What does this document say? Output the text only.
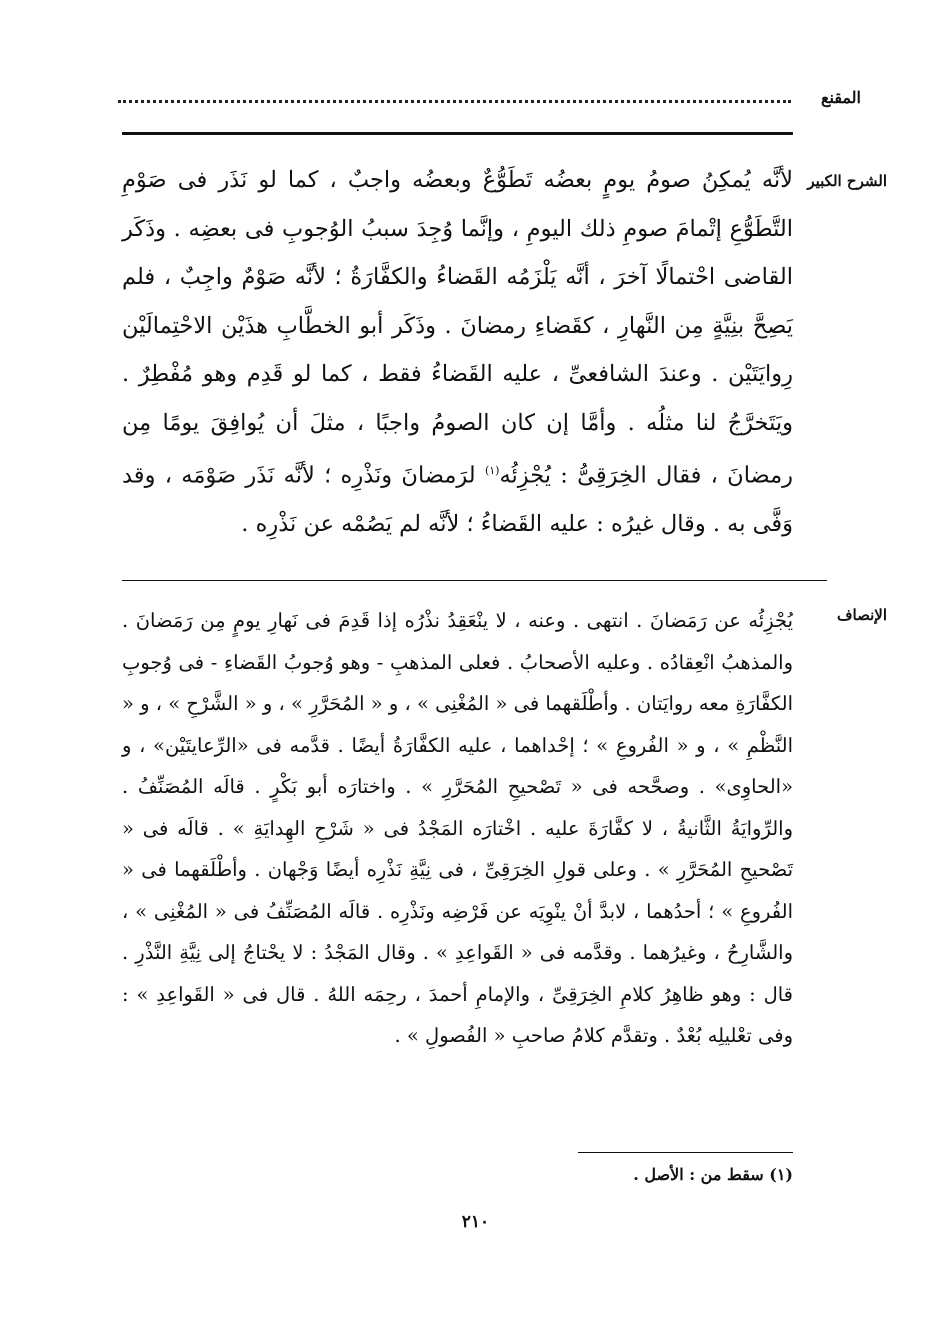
المقنع
الشرح الكبير

لأنَّه يُمكِنُ صومُ يومٍ بعضُه تَطَوُّعٌ وبعضُه واجبٌ ، كما لو نَذَر فى صَوْمِ التَّطَوُّعِ إتْمامَ صومِ ذلك اليومِ ، وإنَّما وُجِدَ سببُ الوُجوبِ فى بعضِه . وذَكَر القاضى احْتمالًا آخرَ ، أنَّه يَلْزَمُه القَضاءُ والكفَّارَةُ ؛ لأنَّه صَوْمٌ واجِبٌ ، فلم يَصِحَّ بنِيَّةٍ مِن النَّهارِ ، كقَضاءِ رمضانَ . وذَكَر أبو الخطَّابِ هذَيْن الاحْتِمالَيْن رِوايَتَيْن . وعندَ الشافعىِّ ، عليه القَضاءُ فقط ، كما لو قَدِم وهو مُفْطِرٌ . ويَتَخرَّجُ لنا مثلُه . وأمَّا إن كان الصومُ واجبًا ، مثلَ أن يُوافِقَ يومًا مِن رمضانَ ، فقال الخِرَقِىُّ : يُجْزِئُه$^{(١)}$ لرَمضانَ ونَذْرِه ؛ لأنَّه نَذَر صَوْمَه ، وقد وَفَّى به . وقال غيرُه : عليه القَضاءُ ؛ لأنَّه لم يَصُمْه عن نَذْرِه .

الإنصاف

يُجْزِئُه عن رَمَضانَ . انتهى . وعنه ، لا ينْعَقِدُ نذْرُه إذا قَدِمَ فى نَهارِ يومٍ مِن رَمَضانَ . والمذهبُ انْعِقادُه . وعليه الأصحابُ . فعلى المذهبِ - وهو وُجوبُ القَضاءِ - فى وُجوبِ الكفَّارَةِ معه روايَتان . وأطْلَقهما فى « المُغْنِى » ، و « المُحَرَّرِ » ، و « الشَّرْحِ » ، و « النَّظْمِ » ، و « الفُروعِ » ؛ إحْداهما ، عليه الكفَّارَةُ أيضًا . قدَّمه فى «الرِّعايتَيْن» ، و «الحاوِى» . وصحَّحه فى « تَصْحيحِ المُحَرَّرِ » . واختارَه أبو بَكْرٍ . قالَه المُصَنِّفُ . والرِّوايَةُ الثَّانيةُ ، لا كفَّارَةَ عليه . اخْتارَه المَجْدُ فى « شَرْحِ الهِدايَةِ » . قالَه فى « تَصْحيحِ المُحَرَّرِ » . وعلى قولِ الخِرَقِىِّ ، فى نِيَّةِ نَذْرِه أيضًا وَجْهان . وأطْلَقهما فى « الفُروعِ » ؛ أحدُهما ، لابدَّ أنْ ينْوِيَه عن فَرْضِه ونَذْرِه . قالَه المُصَنِّفُ فى « المُغْنِى » ، والشَّارِحُ ، وغيرُهما . وقدَّمه فى « القَواعِدِ » . وقال المَجْدُ : لا يحْتاجُ إلى نِيَّةِ النَّذْرِ . قال : وهو ظاهِرُ كلامِ الخِرَقِىِّ ، والإمامِ أحمدَ ، رحِمَه اللهُ . قال فى « القَواعِدِ » : وفى تعْليلِه بُعْدٌ . وتقدَّم كلامُ صاحبِ « الفُصولِ » .

(١) سقط من : الأصل .
٢١٠
